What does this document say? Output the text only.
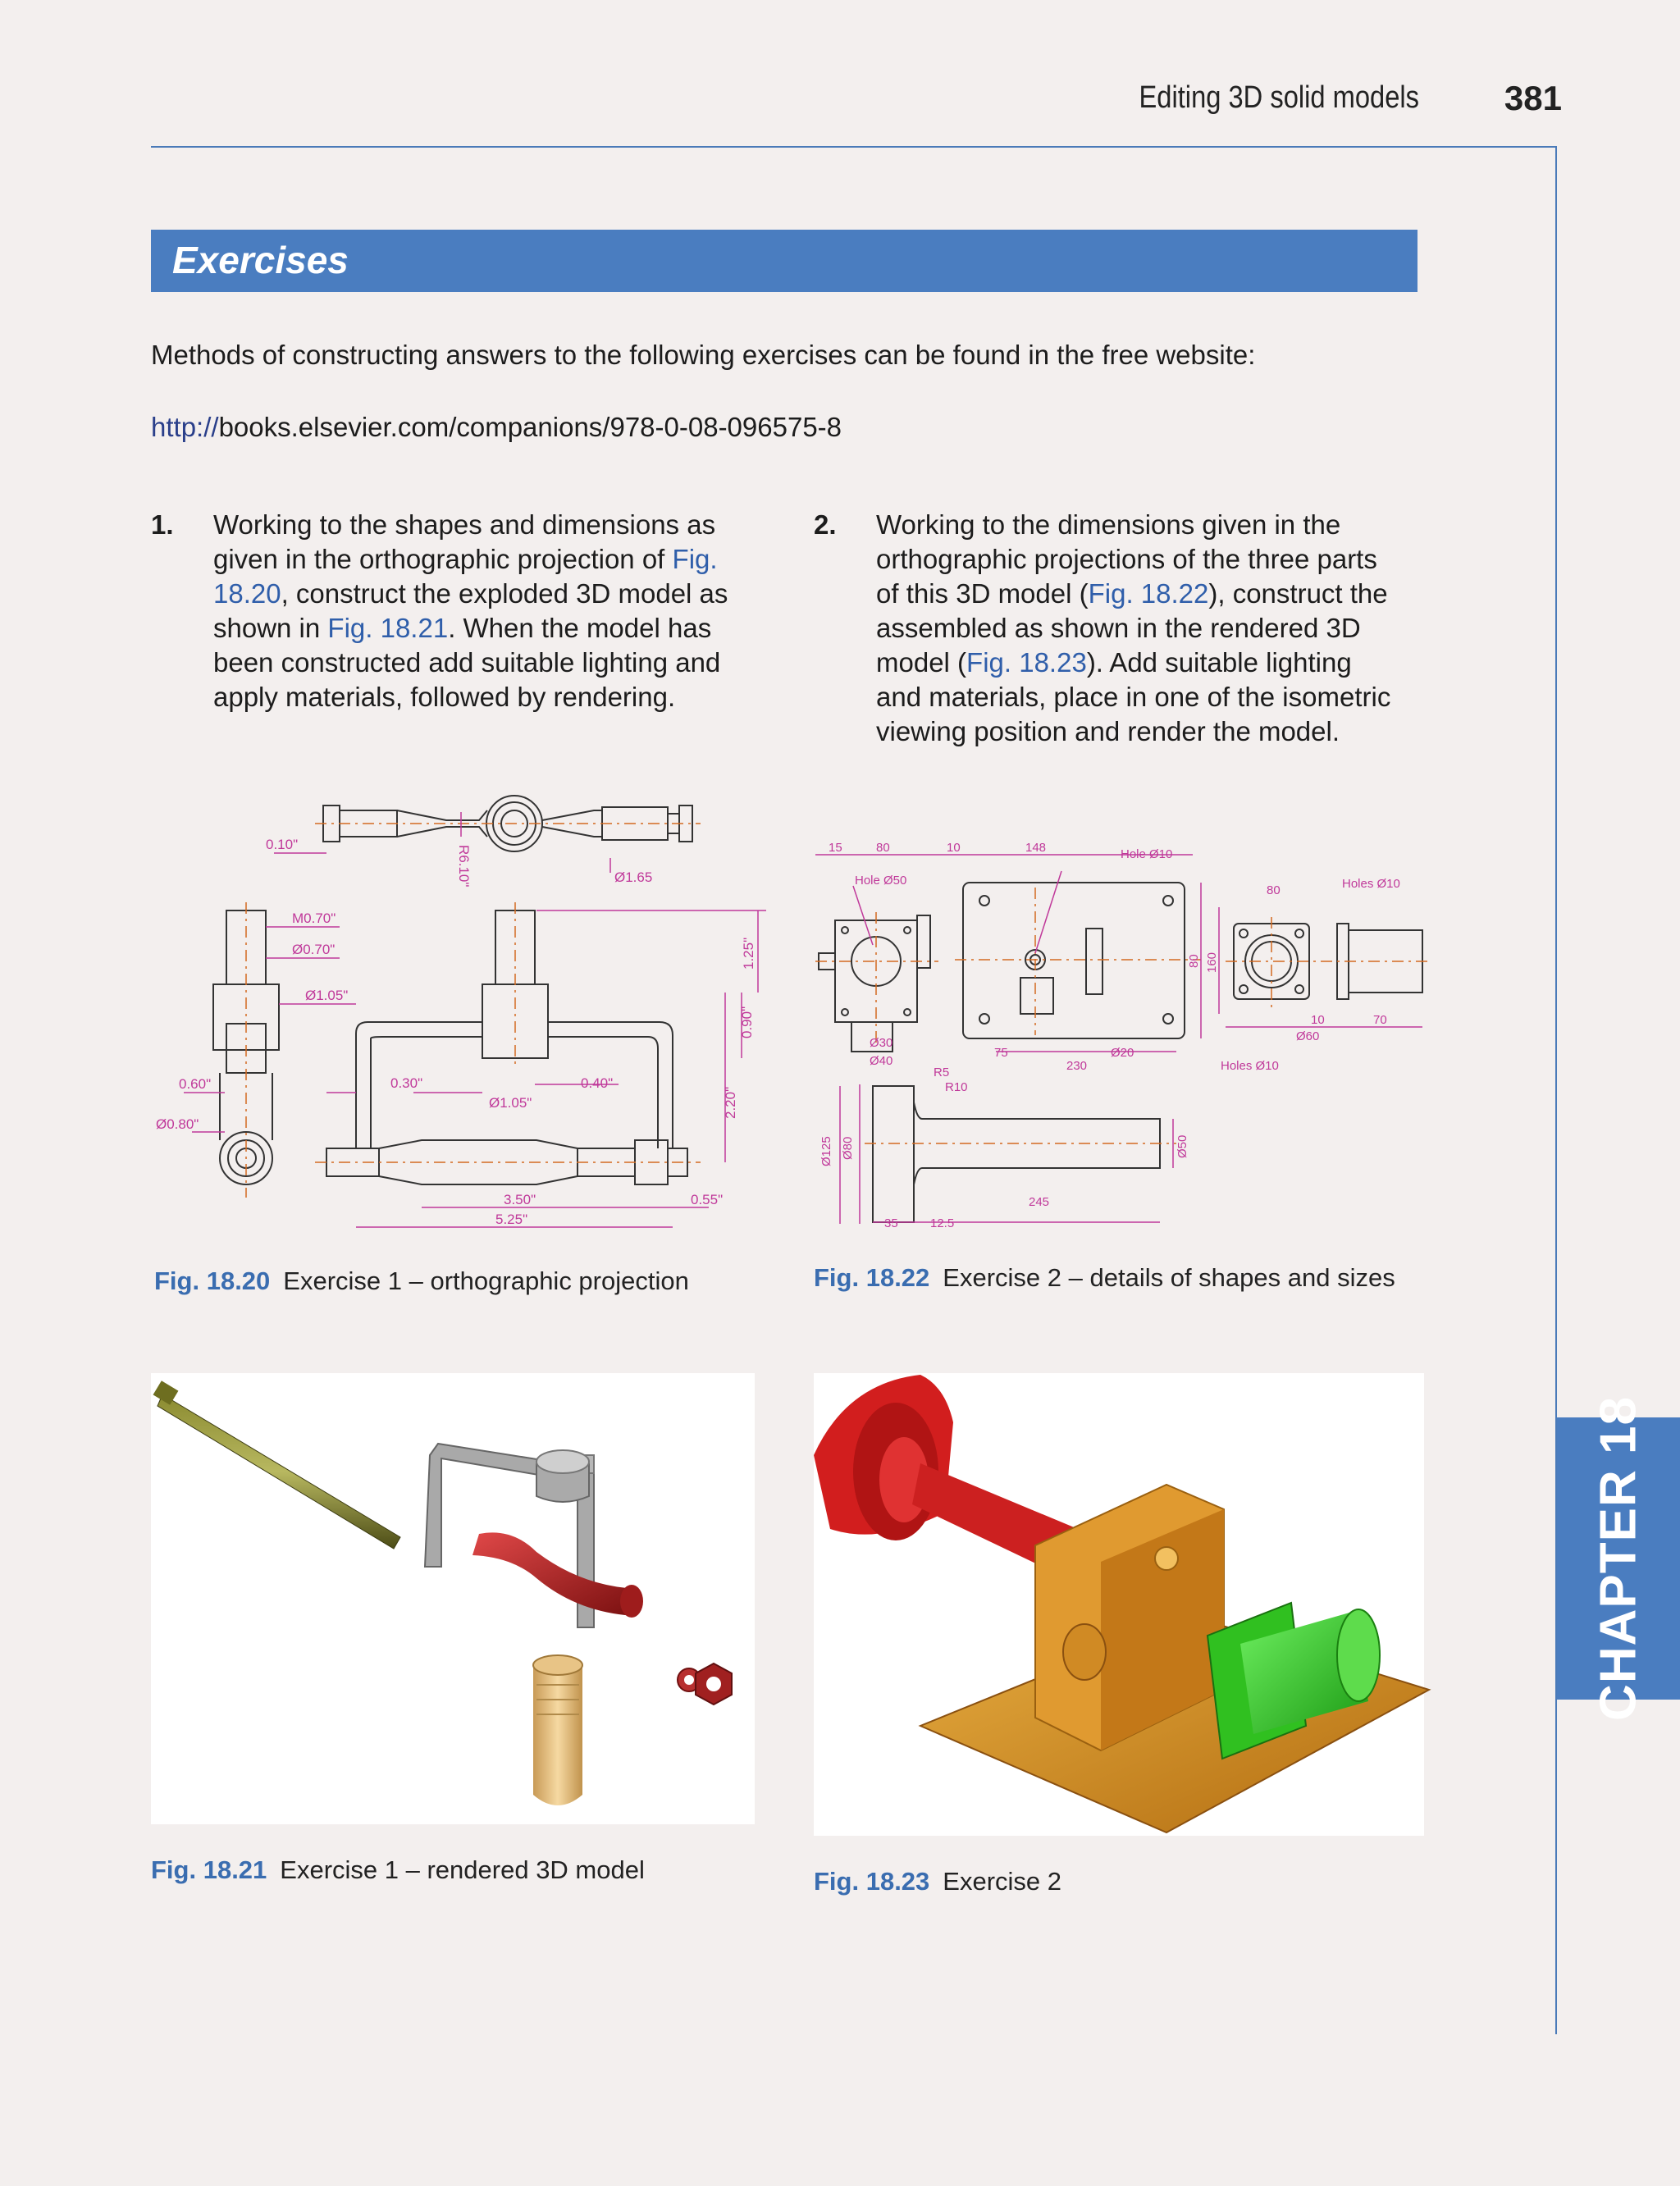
Editing 3D solid models	381
Exercises
Methods of constructing answers to the following exercises can be found in the free website:
http://books.elsevier.com/companions/978-0-08-096575-8
1. Working to the shapes and dimensions as
given in the orthographic projection of Fig.
18.20, construct the exploded 3D model as
shown in Fig. 18.21. When the model has
been constructed add suitable lighting and
apply materials, followed by rendering.
2. Working to the dimensions given in the
orthographic projections of the three parts
of this 3D model (Fig. 18.22), construct the
assembled as shown in the rendered 3D
model (Fig. 18.23). Add suitable lighting
and materials, place in one of the isometric
viewing position and render the model.
0.10"
Ø1.65
R6.10"
M0.70"
Ø0.70"
Ø1.05"
1.25"
0.90"
0.60"	0.30"
Ø1.05"
0.40"
2.20"
Ø0.80"
3.50"
5.25"
0.55"
Fig. 18.20 Exercise 1 – orthographic projection
15	80	10	148	Hole Ø10
Hole Ø50
80	Holes Ø10
80 160
10	70
Ø60
Ø30
Ø40
75	Ø20
230	Holes Ø10
R5
R10
Ø125 Ø80	Ø50
245
35	12.5
Fig. 18.22 Exercise 2 – details of shapes and sizes
Fig. 18.21 Exercise 1 – rendered 3D model	Fig. 18.23 Exercise 2
CHAPTER 18
